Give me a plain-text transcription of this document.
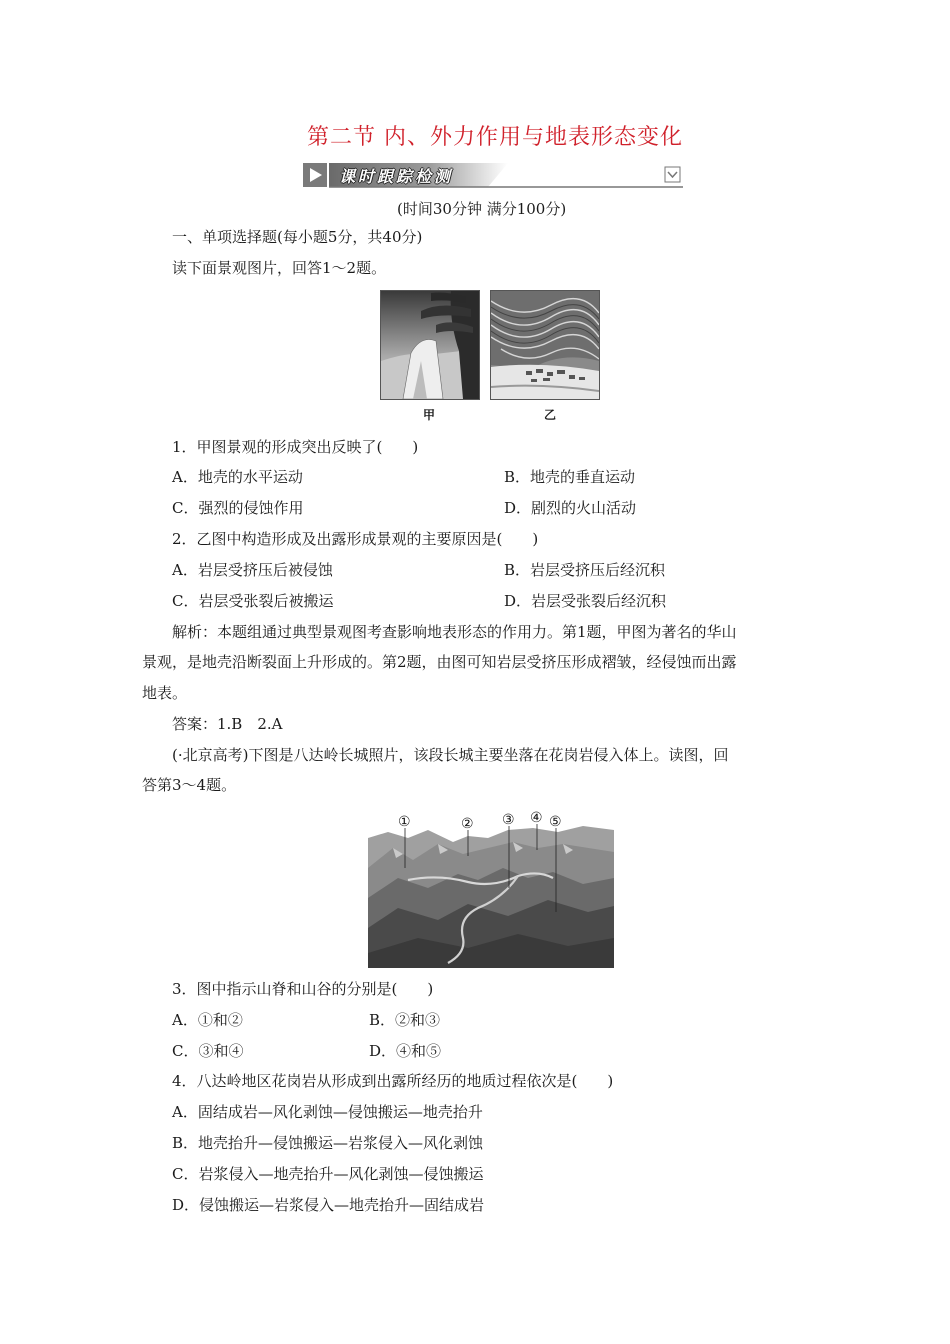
第二节 内、外力作用与地表形态变化
课时跟踪检测
(时间30分钟 满分100分)
一、单项选择题(每小题5分，共40分)
读下面景观图片，回答1～2题。
甲	乙
1．甲图景观的形成突出反映了(　　)
A．地壳的水平运动	B．地壳的垂直运动
C．强烈的侵蚀作用	D．剧烈的火山活动
2．乙图中构造形成及出露形成景观的主要原因是(　　)
A．岩层受挤压后被侵蚀	B．岩层受挤压后经沉积
C．岩层受张裂后被搬运	D．岩层受张裂后经沉积
解析：本题组通过典型景观图考查影响地表形态的作用力。第1题，甲图为著名的华山
景观，是地壳沿断裂面上升形成的。第2题，由图可知岩层受挤压形成褶皱，经侵蚀而出露
地表。
答案：1.B　2.A
(·北京高考)下图是八达岭长城照片，该段长城主要坐落在花岗岩侵入体上。读图，回
答第3～4题。
①	② ③ ④ ⑤
3．图中指示山脊和山谷的分别是(　　)
A．①和②	B．②和③
C．③和④	D．④和⑤
4．八达岭地区花岗岩从形成到出露所经历的地质过程依次是(　　)
A．固结成岩—风化剥蚀—侵蚀搬运—地壳抬升
B．地壳抬升—侵蚀搬运—岩浆侵入—风化剥蚀
C．岩浆侵入—地壳抬升—风化剥蚀—侵蚀搬运
D．侵蚀搬运—岩浆侵入—地壳抬升—固结成岩
